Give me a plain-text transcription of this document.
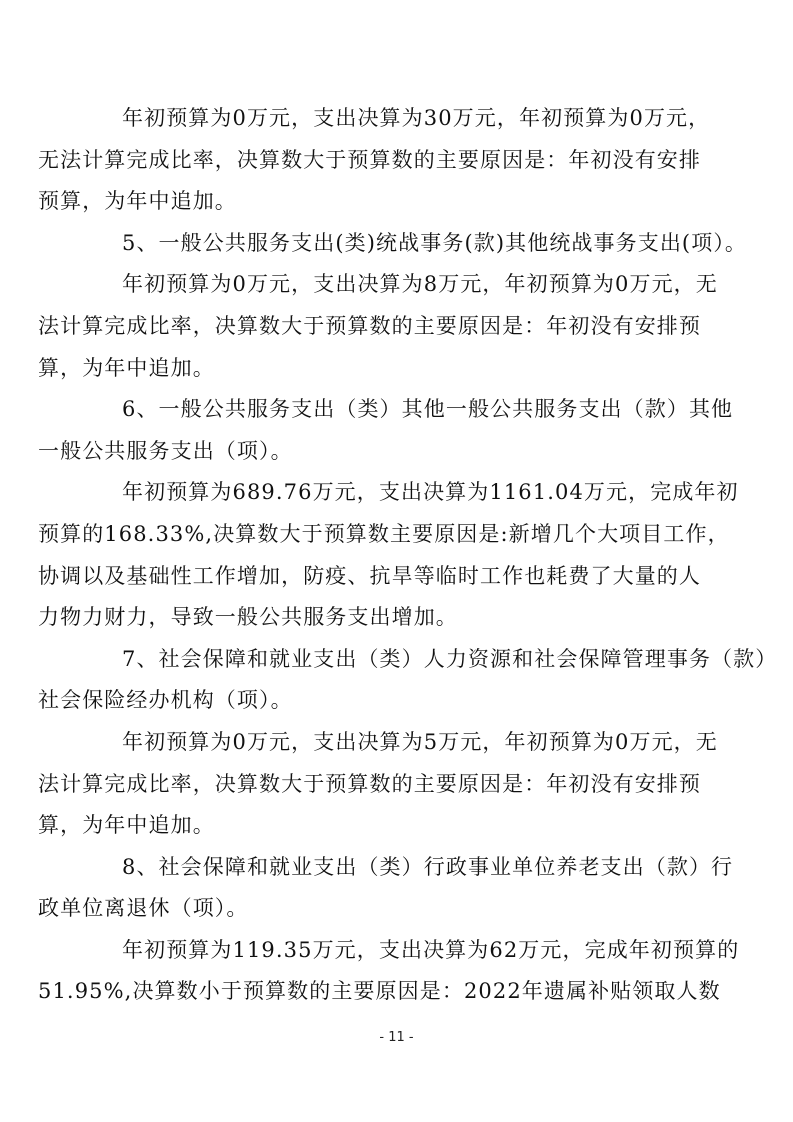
年初预算为0万元，支出决算为30万元，年初预算为0万元，
无法计算完成比率，决算数大于预算数的主要原因是：年初没有安排
预算，为年中追加。

5、一般公共服务支出(类)统战事务(款)其他统战事务支出(项）。

年初预算为0万元，支出决算为8万元，年初预算为0万元，无
法计算完成比率，决算数大于预算数的主要原因是：年初没有安排预
算，为年中追加。

6、一般公共服务支出（类）其他一般公共服务支出（款）其他
一般公共服务支出（项）。

年初预算为689.76万元，支出决算为1161.04万元，完成年初
预算的168.33%,决算数大于预算数主要原因是:新增几个大项目工作，
协调以及基础性工作增加，防疫、抗旱等临时工作也耗费了大量的人
力物力财力，导致一般公共服务支出增加。

7、社会保障和就业支出（类）人力资源和社会保障管理事务（款）
社会保险经办机构（项）。

年初预算为0万元，支出决算为5万元，年初预算为0万元，无
法计算完成比率，决算数大于预算数的主要原因是：年初没有安排预
算，为年中追加。

8、社会保障和就业支出（类）行政事业单位养老支出（款）行
政单位离退休（项）。

年初预算为119.35万元，支出决算为62万元，完成年初预算的
51.95%,决算数小于预算数的主要原因是：2022年遗属补贴领取人数

- 11 -
